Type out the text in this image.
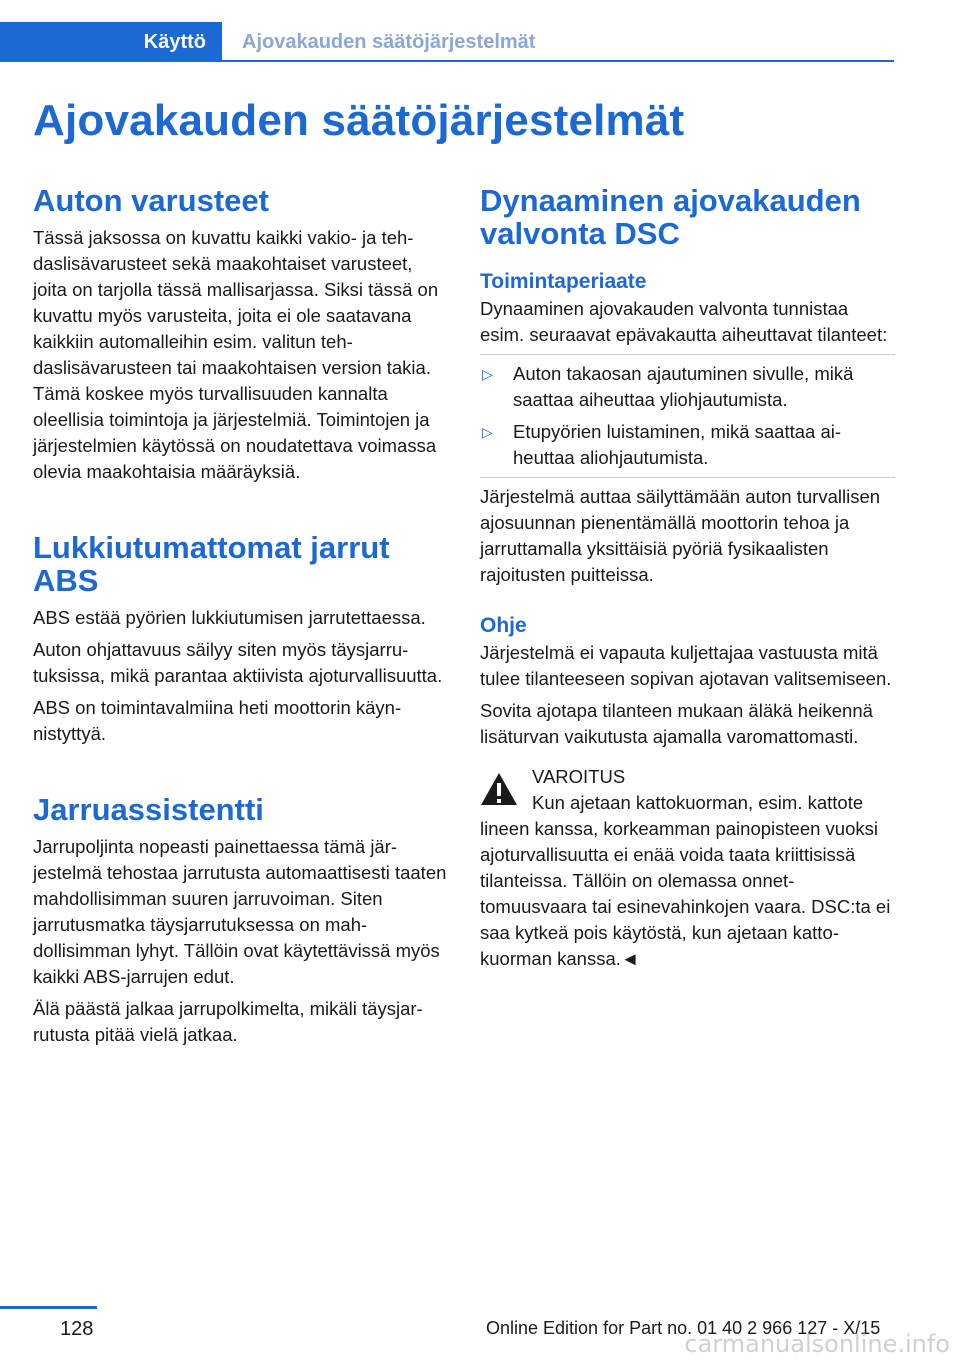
Käyttö Ajovakauden säätöjärjestelmät
Ajovakauden säätöjärjestelmät
Auton varusteet

Tässä jaksossa on kuvattu kaikki vakio- ja tehdaslisävarusteet sekä maakohtaiset varusteet, joita on tarjolla tässä mallisarjassa. Siksi tässä on kuvattu myös varusteita, joita ei ole saatavana kaikkiin automalleihin esim. valitun tehdaslisävarusteen tai maakohtaisen version takia. Tämä koskee myös turvallisuuden kannalta oleellisia toimintoja ja järjestelmiä. Toimintojen ja järjestelmien käytössä on noudatettava voimassa olevia maakohtaisia määräyksiä.

Lukkiutumattomat jarrut ABS

ABS estää pyörien lukkiutumisen jarrutettaessa.

Auton ohjattavuus säilyy siten myös täysjarrutuksissa, mikä parantaa aktiivista ajoturvallisuutta.

ABS on toimintavalmiina heti moottorin käynnistyttyä.

Jarruassistentti

Jarrupoljinta nopeasti painettaessa tämä järjestelmä tehostaa jarrutusta automaattisesti taaten mahdollisimman suuren jarruvoiman. Siten jarrutusmatka täysjarrutuksessa on mahdollisimman lyhyt. Tällöin ovat käytettävissä myös kaikki ABS-jarrujen edut.

Älä päästä jalkaa jarrupolkimelta, mikäli täysjarrutusta pitää vielä jatkaa.

Dynaaminen ajovakauden valvonta DSC
Toimintaperiaate

Dynaaminen ajovakauden valvonta tunnistaa esim. seuraavat epävakautta aiheuttavat tilanteet:

▷ Auton takaosan ajautuminen sivulle, mikä saattaa aiheuttaa yliohjautumista.
▷ Etupyörien luistaminen, mikä saattaa aiheuttaa aliohjautumista.

Järjestelmä auttaa säilyttämään auton turvallisen ajosuunnan pienentämällä moottorin tehoa ja jarruttamalla yksittäisiä pyöriä fysikaalisten rajoitusten puitteissa.

Ohje

Järjestelmä ei vapauta kuljettajaa vastuusta mitä tulee tilanteeseen sopivan ajotavan valitsemiseen.

Sovita ajotapa tilanteen mukaan äläkä heikennä lisäturvan vaikutusta ajamalla varomattomasti.

VAROITUS

Kun ajetaan kattokuorman, esim. kattote

lineen kanssa, korkeamman painopisteen vuoksi ajoturvallisuutta ei enää voida taata kriittisissä tilanteissa. Tällöin on olemassa onnettomuusvaara tai esinevahinkojen vaara. DSC:ta ei saa kytkeä pois käytöstä, kun ajetaan kattokuorman kanssa.◄

128	Online Edition for Part no. 01 40 2 966 127 - X/15
carmanualsonline.info
